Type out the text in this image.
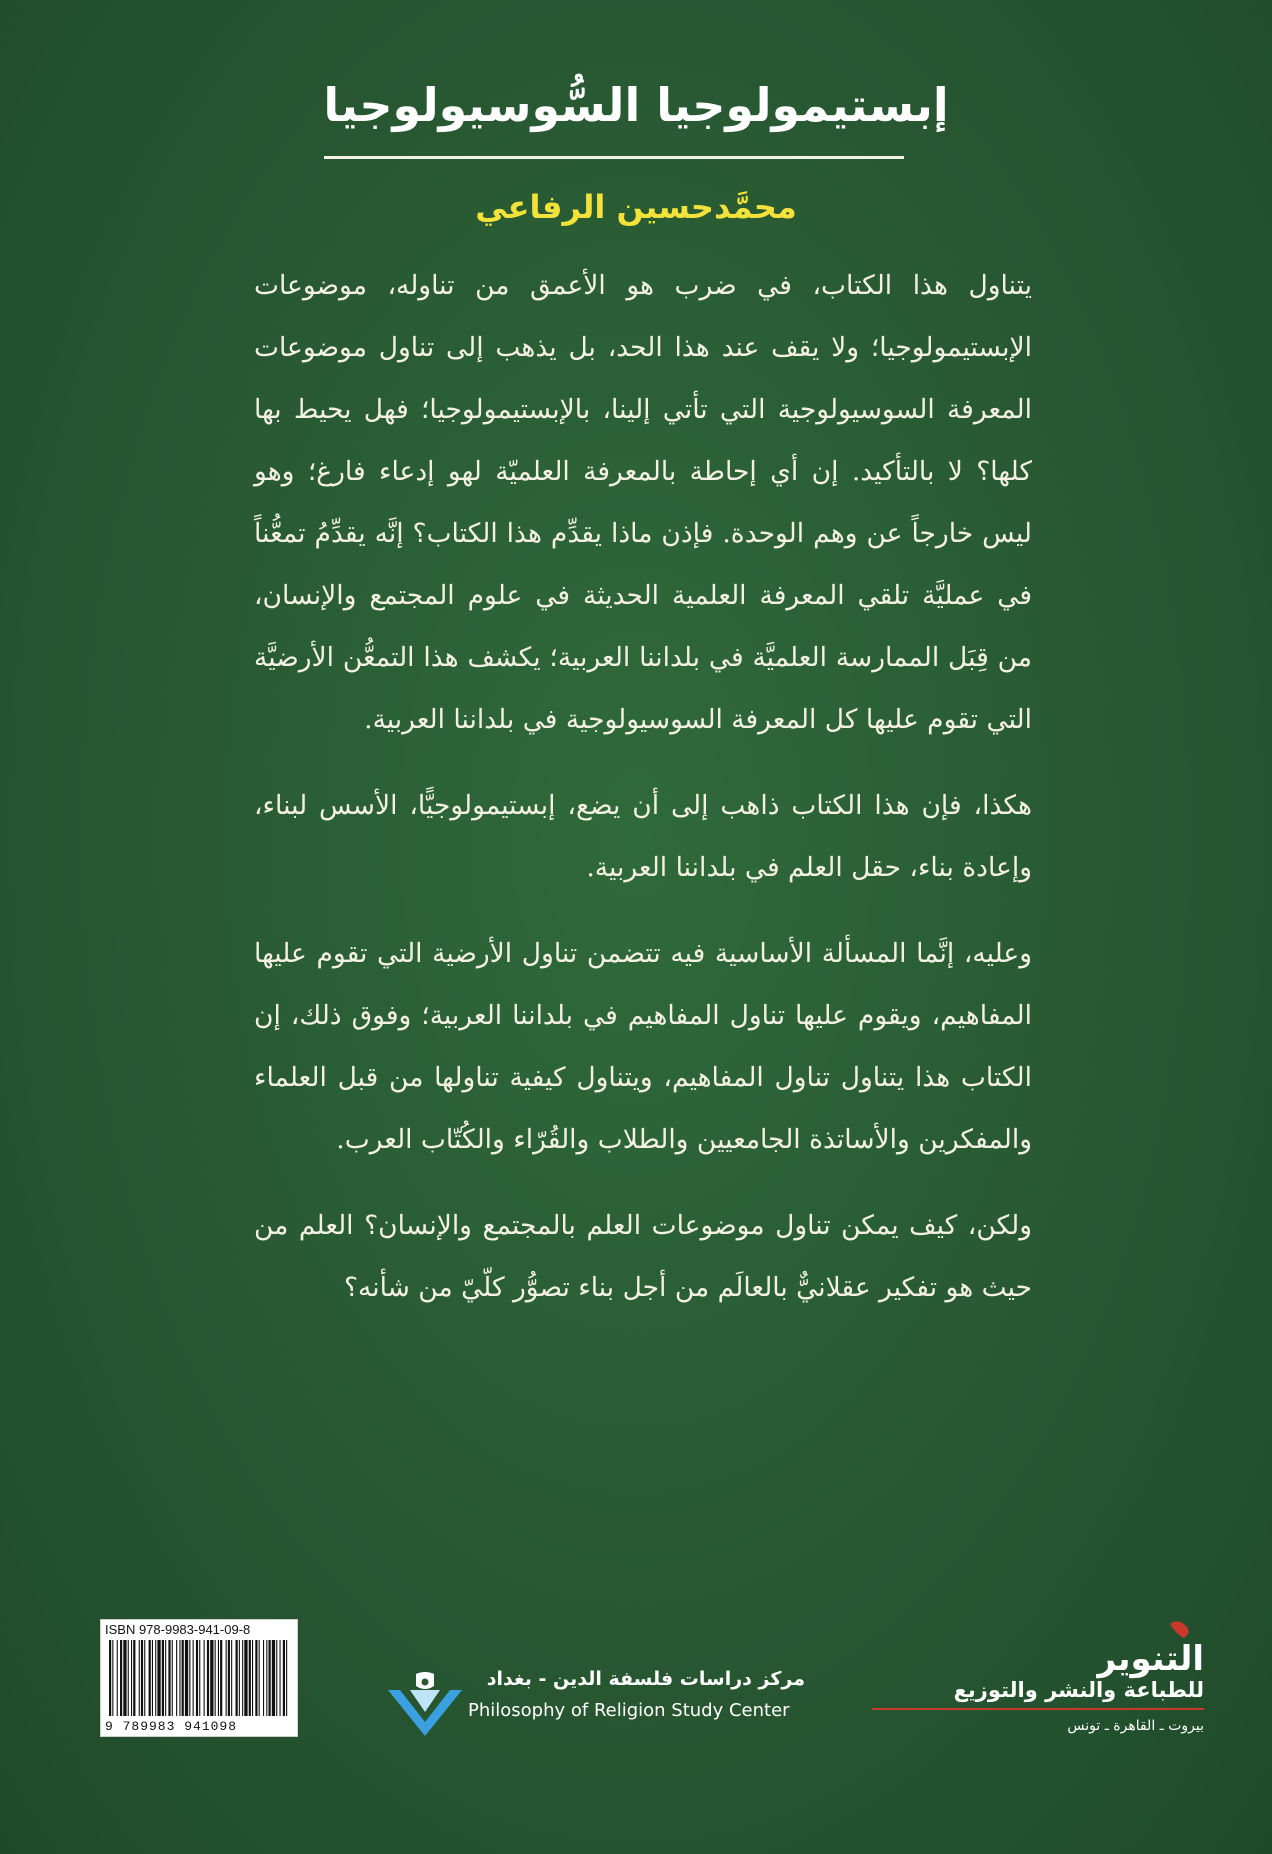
إبستيمولوجيا السُّوسيولوجيا
محمَّدحسين الرفاعي

يتناول هذا الكتاب، في ضرب هو الأعمق من تناوله، موضوعات الإبستيمولوجيا؛ ولا يقف عند هذا الحد، بل يذهب إلى تناول موضوعات المعرفة السوسيولوجية التي تأتي إلينا، بالإبستيمولوجيا؛ فهل يحيط بها كلها؟ لا بالتأكيد. إن أي إحاطة بالمعرفة العلميّة لهو إدعاء فارغ؛ وهو ليس خارجاً عن وهم الوحدة. فإذن ماذا يقدِّم هذا الكتاب؟ إنَّه يقدِّمُ تمعُّناً في عمليَّة تلقي المعرفة العلمية الحديثة في علوم المجتمع والإنسان، من قِبَل الممارسة العلميَّة في بلداننا العربية؛ يكشف هذا التمعُّن الأرضيَّة التي تقوم عليها كل المعرفة السوسيولوجية في بلداننا العربية.

هكذا، فإن هذا الكتاب ذاهب إلى أن يضع، إبستيمولوجيًّا، الأسس لبناء، وإعادة بناء، حقل العلم في بلداننا العربية.

وعليه، إنَّما المسألة الأساسية فيه تتضمن تناول الأرضية التي تقوم عليها المفاهيم، ويقوم عليها تناول المفاهيم في بلداننا العربية؛ وفوق ذلك، إن الكتاب هذا يتناول تناول المفاهيم، ويتناول كيفية تناولها من قبل العلماء والمفكرين والأساتذة الجامعيين والطلاب والقُرّاء والكُتّاب العرب.

ولكن، كيف يمكن تناول موضوعات العلم بالمجتمع والإنسان؟ العلم من حيث هو تفكير عقلانيٌّ بالعالَم من أجل بناء تصوُّر كلّيّ من شأنه؟

ISBN 978-9983-941-09-8
9 789983 941098
مركز دراسات فلسفة الدين - بغداد
Philosophy of Religion Study Center
التنوير
للطباعة والنشر والتوزيع
بيروت ـ القاهرة ـ تونس
